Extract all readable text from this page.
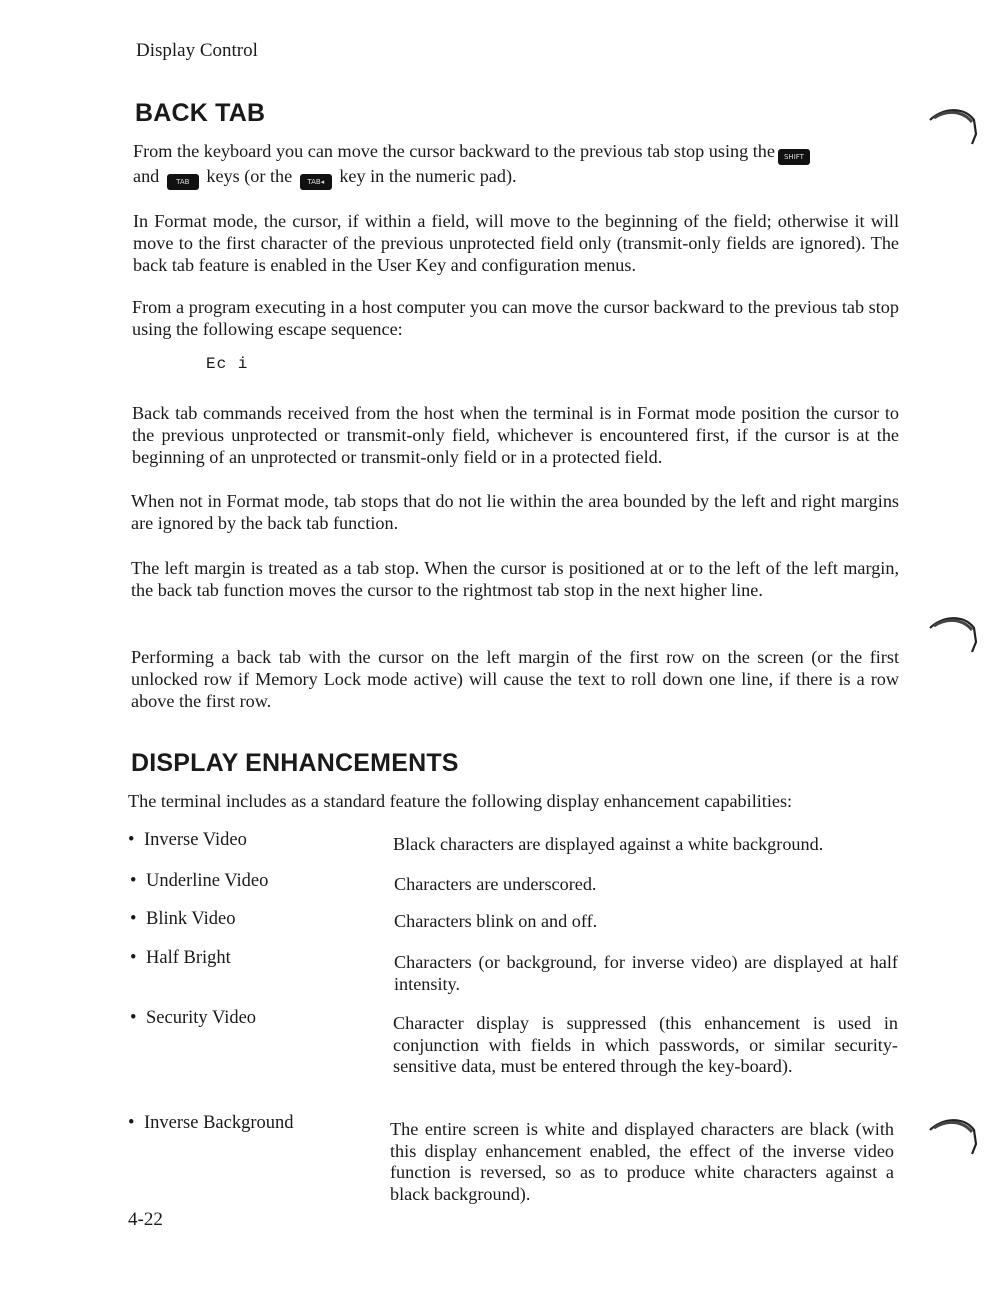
Display Control
BACK TAB

From the keyboard you can move the cursor backward to the previous tab stop using the SHIFT
and TAB keys (or the TAB◂ key in the numeric pad).

In Format mode, the cursor, if within a field, will move to the beginning of the field; otherwise it will move to the first character of the previous unprotected field only (transmit-only fields are ignored). The back tab feature is enabled in the User Key and configuration menus.

From a program executing in a host computer you can move the cursor backward to the previous tab stop using the following escape sequence:

Ec i

Back tab commands received from the host when the terminal is in Format mode position the cursor to the previous unprotected or transmit-only field, whichever is encountered first, if the cursor is at the beginning of an unprotected or transmit-only field or in a protected field.

When not in Format mode, tab stops that do not lie within the area bounded by the left and right margins are ignored by the back tab function.

The left margin is treated as a tab stop. When the cursor is positioned at or to the left of the left margin, the back tab function moves the cursor to the rightmost tab stop in the next higher line.

Performing a back tab with the cursor on the left margin of the first row on the screen (or the first unlocked row if Memory Lock mode active) will cause the text to roll down one line, if there is a row above the first row.

DISPLAY ENHANCEMENTS

The terminal includes as a standard feature the following display enhancement capabilities:

• Inverse Video	Black characters are displayed against a white background.
• Underline Video	Characters are underscored.
• Blink Video	Characters blink on and off.
• Half Bright	Characters (or background, for inverse video) are displayed at half intensity.
• Security Video	Character display is suppressed (this enhancement is used in conjunction with fields in which passwords, or similar security-sensitive data, must be entered through the key-board).
• Inverse Background	The entire screen is white and displayed characters are black (with this display enhancement enabled, the effect of the inverse video function is reversed, so as to produce white characters against a black background).
4-22
